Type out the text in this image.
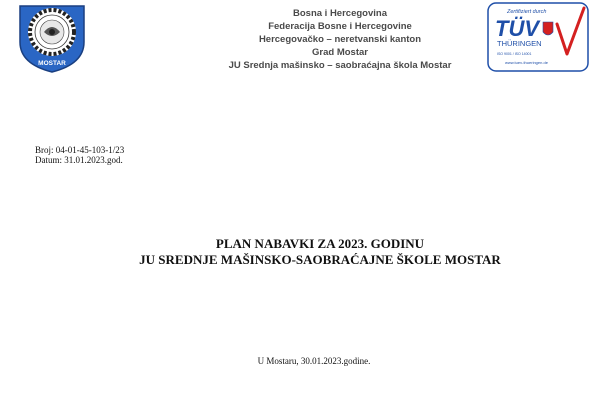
MOSTAR
Bosna i Hercegovina
Federacija Bosne i Hercegovine
Hercegovačko – neretvanski kanton
Grad Mostar
JU Srednja mašinsko – saobraćajna škola Mostar
Zertifiziert durch
TÜV
THÜRINGEN
ISO 9001 / ISO 14001
www.tuev-thueringen.de
Broj: 04-01-45-103-1/23
Datum: 31.01.2023.god.
PLAN NABAVKI ZA 2023. GODINU
JU SREDNJE MAŠINSKO-SAOBRAĆAJNE ŠKOLE MOSTAR
U Mostaru, 30.01.2023.godine.
